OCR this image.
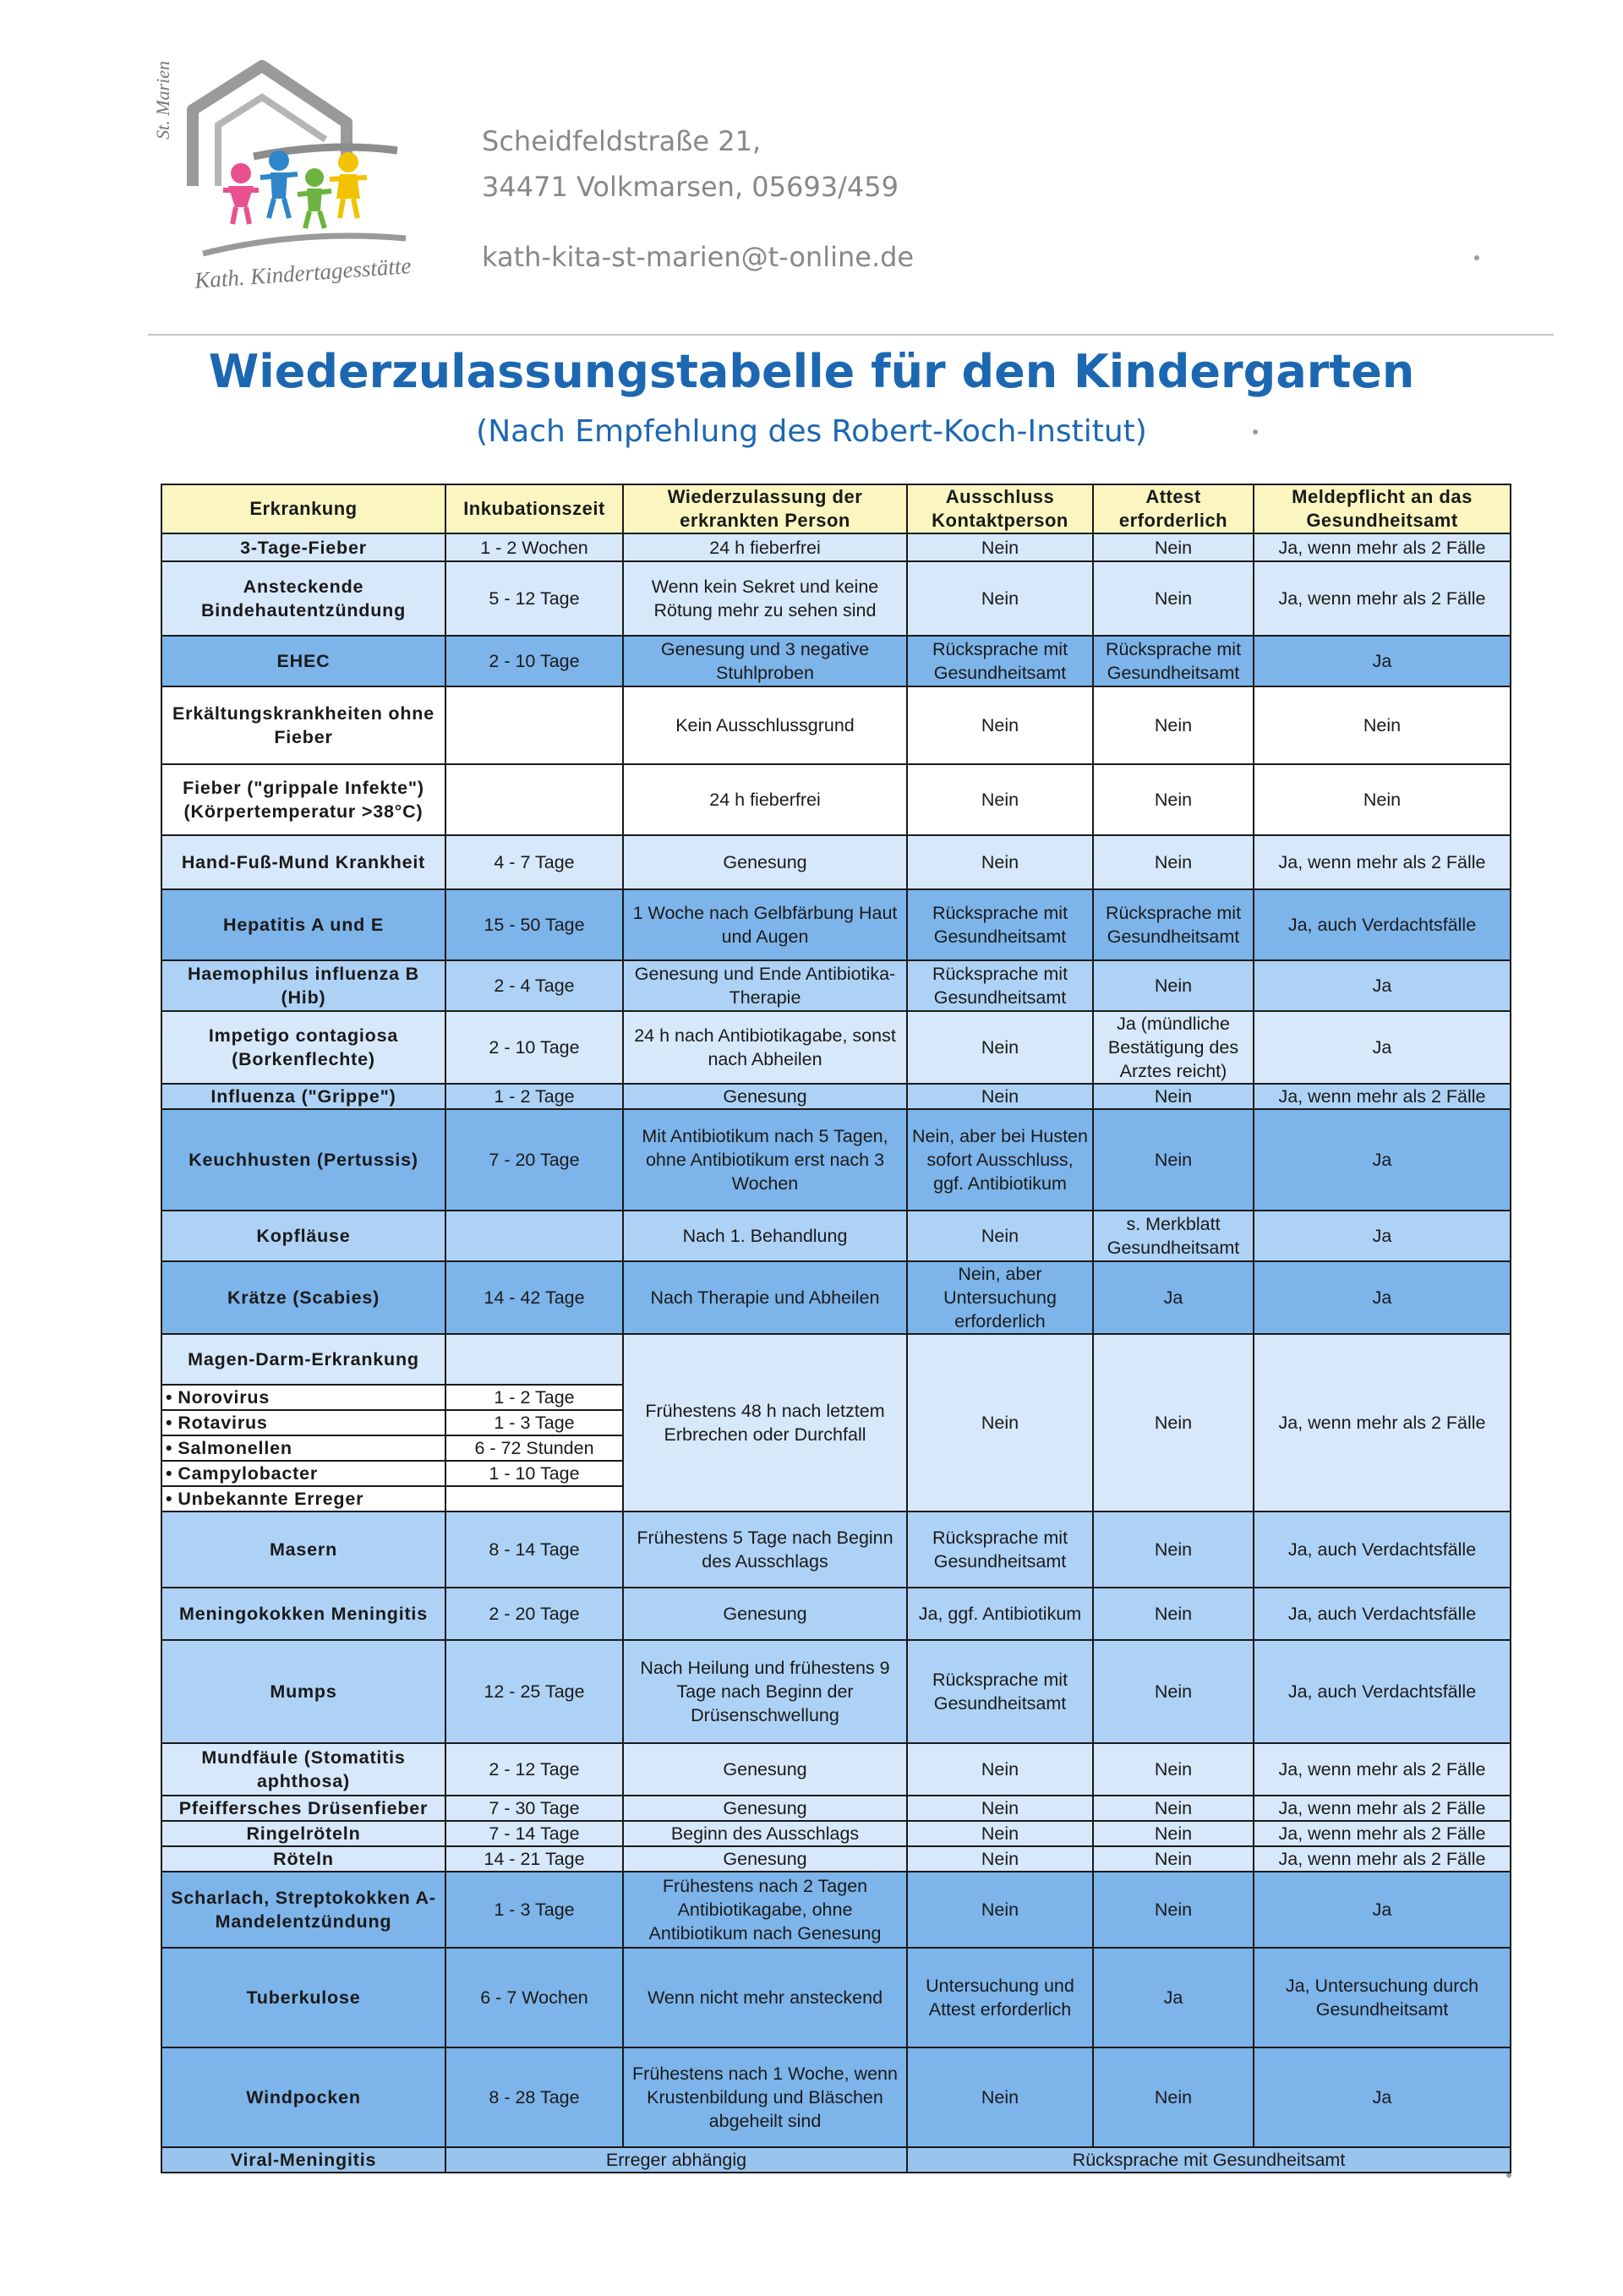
St. Marien
Kath. Kindertagesstätte
Scheidfeldstraße 21,
34471 Volkmarsen, 05693/459
kath-kita-st-marien@t-online.de
Wiederzulassungstabelle für den Kindergarten
(Nach Empfehlung des Robert-Koch-Institut)
Erkrankung	Inkubationszeit	Wiederzulassung der erkrankten Person	Ausschluss Kontaktperson	Attest erforderlich	Meldepflicht an das Gesundheitsamt
3-Tage-Fieber	1 - 2 Wochen	24 h fieberfrei	Nein	Nein	Ja, wenn mehr als 2 Fälle
Ansteckende Bindehautentzündung	5 - 12 Tage	Wenn kein Sekret und keine Rötung mehr zu sehen sind	Nein	Nein	Ja, wenn mehr als 2 Fälle
EHEC	2 - 10 Tage	Genesung und 3 negative Stuhlproben	Rücksprache mit Gesundheitsamt	Rücksprache mit Gesundheitsamt	Ja
Erkältungskrankheiten ohne Fieber		Kein Ausschlussgrund	Nein	Nein	Nein
Fieber ("grippale Infekte") (Körpertemperatur >38°C)		24 h fieberfrei	Nein	Nein	Nein
Hand-Fuß-Mund Krankheit	4 - 7 Tage	Genesung	Nein	Nein	Ja, wenn mehr als 2 Fälle
Hepatitis A und E	15 - 50 Tage	1 Woche nach Gelbfärbung Haut und Augen	Rücksprache mit Gesundheitsamt	Rücksprache mit Gesundheitsamt	Ja, auch Verdachtsfälle
Haemophilus influenza B (Hib)	2 - 4 Tage	Genesung und Ende Antibiotika-Therapie	Rücksprache mit Gesundheitsamt	Nein	Ja
Impetigo contagiosa (Borkenflechte)	2 - 10 Tage	24 h nach Antibiotikagabe, sonst nach Abheilen	Nein	Ja (mündliche Bestätigung des Arztes reicht)	Ja
Influenza ("Grippe")	1 - 2 Tage	Genesung	Nein	Nein	Ja, wenn mehr als 2 Fälle
Keuchhusten (Pertussis)	7 - 20 Tage	Mit Antibiotikum nach 5 Tagen, ohne Antibiotikum erst nach 3 Wochen	Nein, aber bei Husten sofort Ausschluss, ggf. Antibiotikum	Nein	Ja
Kopfläuse		Nach 1. Behandlung	Nein	s. Merkblatt Gesundheitsamt	Ja
Krätze (Scabies)	14 - 42 Tage	Nach Therapie und Abheilen	Nein, aber Untersuchung erforderlich	Ja	Ja
Magen-Darm-Erkrankung		Frühestens 48 h nach letztem Erbrechen oder Durchfall	Nein	Nein	Ja, wenn mehr als 2 Fälle
• Norovirus	1 - 2 Tage				
• Rotavirus	1 - 3 Tage				
• Salmonellen	6 - 72 Stunden				
• Campylobacter	1 - 10 Tage				
• Unbekannte Erreger	
Masern	8 - 14 Tage	Frühestens 5 Tage nach Beginn des Ausschlags	Rücksprache mit Gesundheitsamt	Nein	Ja, auch Verdachtsfälle
Meningokokken Meningitis	2 - 20 Tage	Genesung	Ja, ggf. Antibiotikum	Nein	Ja, auch Verdachtsfälle
Mumps	12 - 25 Tage	Nach Heilung und frühestens 9 Tage nach Beginn der Drüsenschwellung	Rücksprache mit Gesundheitsamt	Nein	Ja, auch Verdachtsfälle
Mundfäule (Stomatitis aphthosa)	2 - 12 Tage	Genesung	Nein	Nein	Ja, wenn mehr als 2 Fälle
Pfeiffersches Drüsenfieber	7 - 30 Tage	Genesung	Nein	Nein	Ja, wenn mehr als 2 Fälle
Ringelröteln	7 - 14 Tage	Beginn des Ausschlags	Nein	Nein	Ja, wenn mehr als 2 Fälle
Röteln	14 - 21 Tage	Genesung	Nein	Nein	Ja, wenn mehr als 2 Fälle
Scharlach, Streptokokken A-Mandelentzündung	1 - 3 Tage	Frühestens nach 2 Tagen Antibiotikagabe, ohne Antibiotikum nach Genesung	Nein	Nein	Ja
Tuberkulose	6 - 7 Wochen	Wenn nicht mehr ansteckend	Untersuchung und Attest erforderlich	Ja	Ja, Untersuchung durch Gesundheitsamt
Windpocken	8 - 28 Tage	Frühestens nach 1 Woche, wenn Krustenbildung und Bläschen abgeheilt sind	Nein	Nein	Ja
Viral-Meningitis	Erreger abhängig		Rücksprache mit Gesundheitsamt		
